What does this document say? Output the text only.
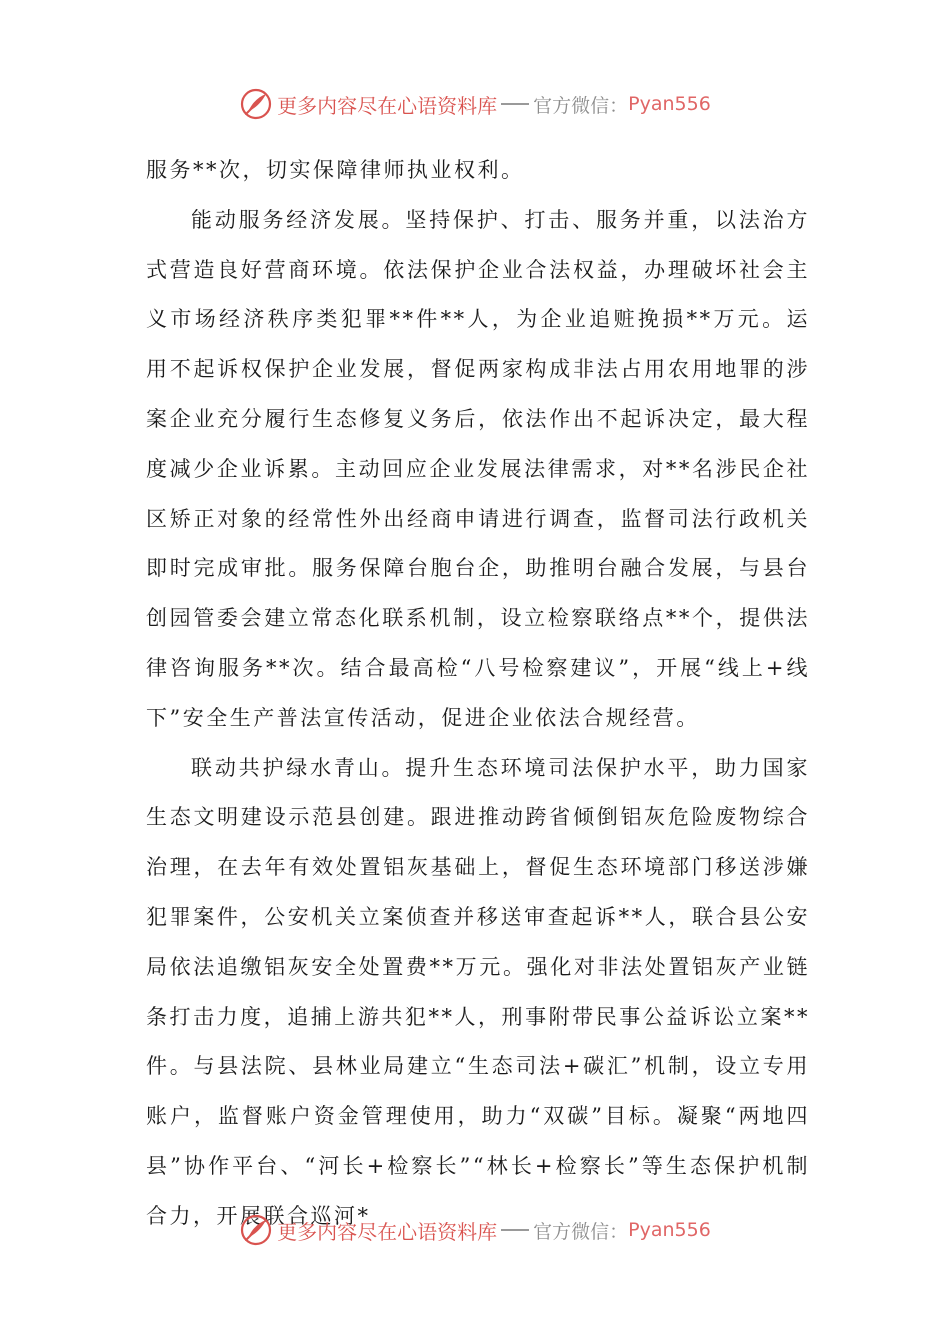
更多内容尽在心语资料库 官方微信： Pyan556

服务**次，切实保障律师执业权利。

能动服务经济发展。坚持保护、打击、服务并重，以法治方式营造良好营商环境。依法保护企业合法权益，办理破坏社会主义市场经济秩序类犯罪**件**人，为企业追赃挽损**万元。运用不起诉权保护企业发展，督促两家构成非法占用农用地罪的涉案企业充分履行生态修复义务后，依法作出不起诉决定，最大程度减少企业诉累。主动回应企业发展法律需求，对**名涉民企社区矫正对象的经常性外出经商申请进行调查，监督司法行政机关即时完成审批。服务保障台胞台企，助推明台融合发展，与县台创园管委会建立常态化联系机制，设立检察联络点**个，提供法律咨询服务**次。结合最高检“八号检察建议”，开展“线上+线下”安全生产普法宣传活动，促进企业依法合规经营。

联动共护绿水青山。提升生态环境司法保护水平，助力国家生态文明建设示范县创建。跟进推动跨省倾倒铝灰危险废物综合治理，在去年有效处置铝灰基础上，督促生态环境部门移送涉嫌犯罪案件，公安机关立案侦查并移送审查起诉**人，联合县公安局依法追缴铝灰安全处置费**万元。强化对非法处置铝灰产业链条打击力度，追捕上游共犯**人，刑事附带民事公益诉讼立案**件。与县法院、县林业局建立“生态司法+碳汇”机制，设立专用账户，监督账户资金管理使用，助力“双碳”目标。凝聚“两地四县”协作平台、“河长+检察长”“林长+检察长”等生态保护机制合力，开展联合巡河*

更多内容尽在心语资料库 官方微信： Pyan556
